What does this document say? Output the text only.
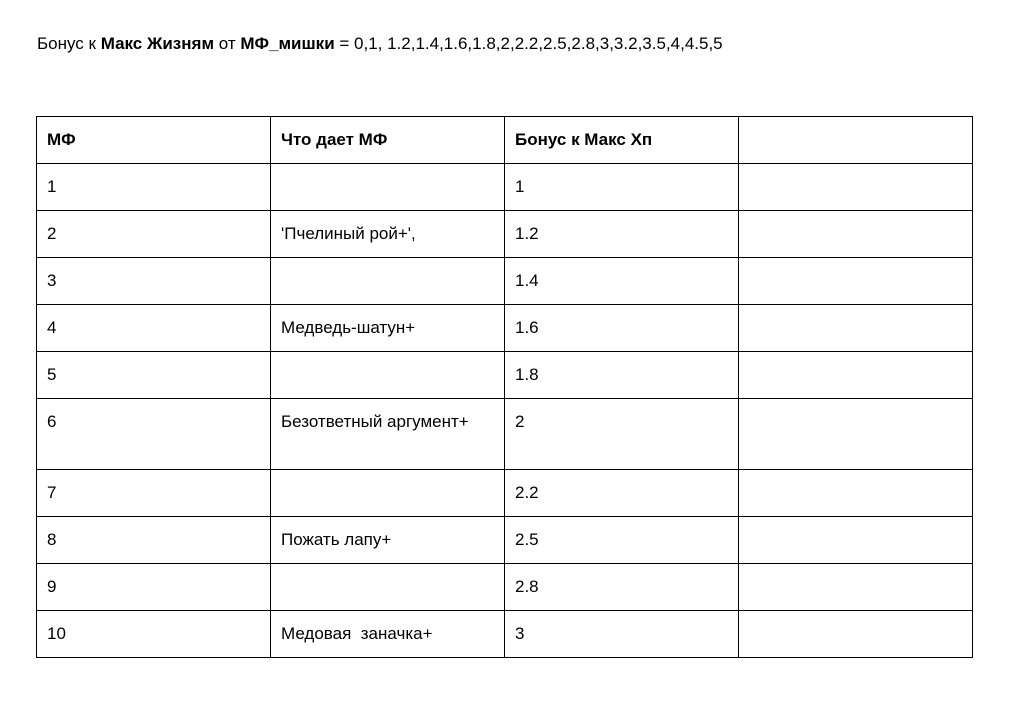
Бонус к Макс Жизням от МФ_мишки = 0,1, 1.2,1.4,1.6,1.8,2,2.2,2.5,2.8,3,3.2,3.5,4,4.5,5
МФ	Что дает МФ	Бонус к Макс Хп	
1		1	
2	'Пчелиный рой+',	1.2	
3		1.4	
4	Медведь-шатун+	1.6	
5		1.8	
6	Безответный аргумент+	2	
7		2.2	
8	Пожать лапу+	2.5	
9		2.8	
10	Медовая  заначка+	3	
